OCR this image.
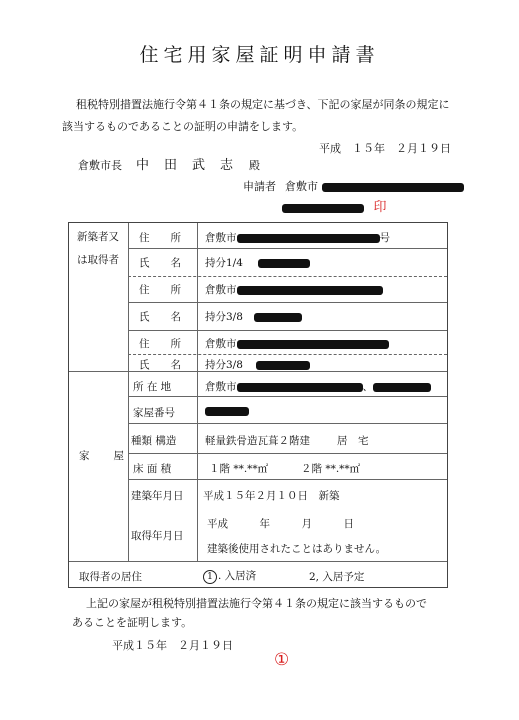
住宅用家屋証明申請書
租税特別措置法施行令第４１条の規定に基づき、下記の家屋が同条の規定に
該当するものであることの証明の申請をします。
平成　１５年　２月１９日
倉敷市長 中　田　武　志 殿
申請者 倉敷市
印
新築者又
は取得者
住　　所 倉敷市	号
氏　　名 持分1/4
住　　所 倉敷市
氏　　名 持分3/8
住　　所 倉敷市
氏　　名 持分3/8
家　　屋
所 在 地	倉敷市	、
家屋番号
種類 構造	軽量鉄骨造瓦葺２階建	居　宅
床 面 積	１階 **.**㎡	２階 **.**㎡
建築年月日 平成１５年２月１０日　新築
取得年月日
平成　　　年　　　月　　　日
建築後使用されたことはありません。
取得者の居住	1 . 入居済	2, 入居予定
上記の家屋が租税特別措置法施行令第４１条の規定に該当するもので
あることを証明します。
平成１５年　２月１９日
①
